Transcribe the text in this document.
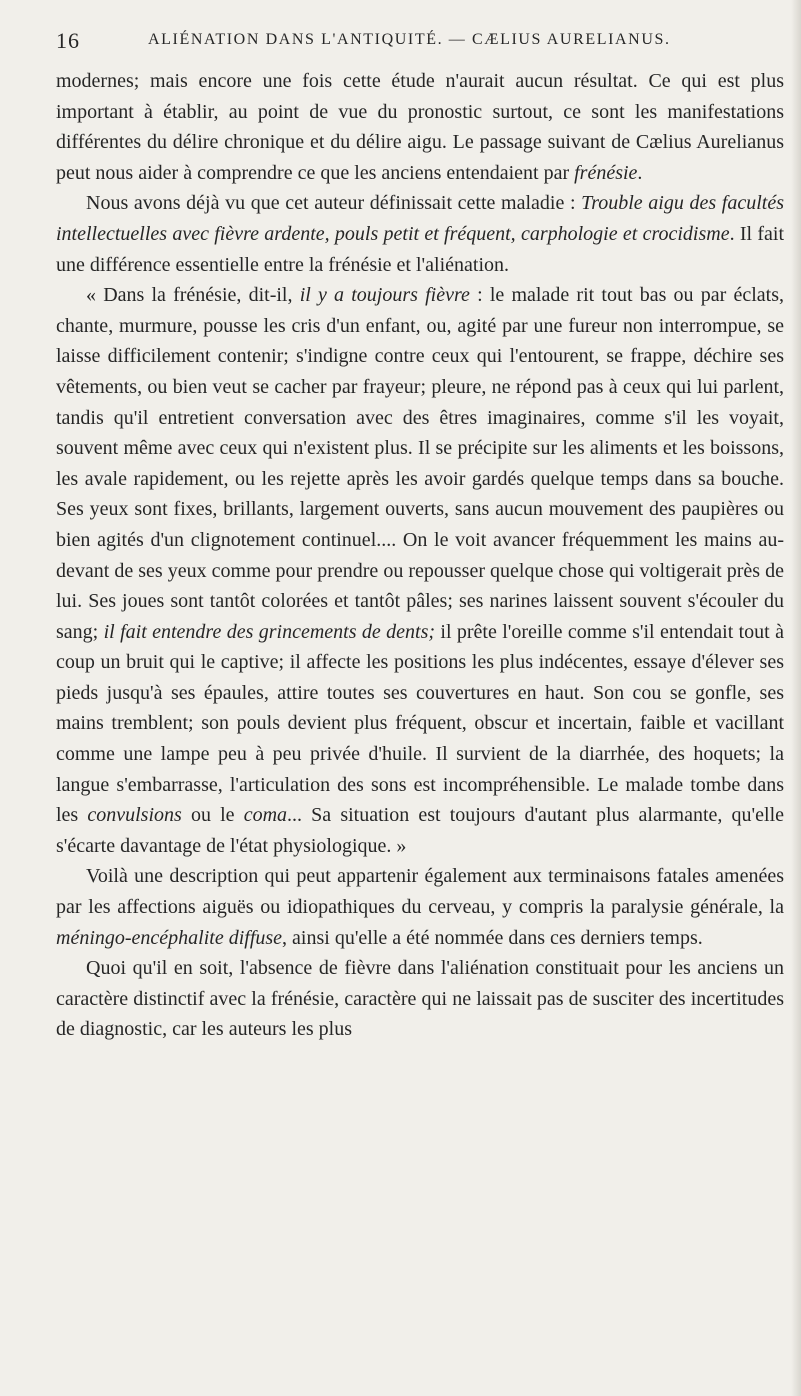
16	ALIÉNATION DANS L'ANTIQUITÉ. — CÆLIUS AURELIANUS.

modernes; mais encore une fois cette étude n'aurait aucun résultat. Ce qui est plus important à établir, au point de vue du pronostic surtout, ce sont les manifestations différentes du délire chronique et du délire aigu. Le passage suivant de Cælius Aurelianus peut nous aider à comprendre ce que les anciens entendaient par frénésie.

Nous avons déjà vu que cet auteur définissait cette maladie : Trouble aigu des facultés intellectuelles avec fièvre ardente, pouls petit et fréquent, carphologie et crocidisme. Il fait une différence essentielle entre la frénésie et l'aliénation.

« Dans la frénésie, dit-il, il y a toujours fièvre : le malade rit tout bas ou par éclats, chante, murmure, pousse les cris d'un enfant, ou, agité par une fureur non interrompue, se laisse difficilement contenir; s'indigne contre ceux qui l'entourent, se frappe, déchire ses vêtements, ou bien veut se cacher par frayeur; pleure, ne répond pas à ceux qui lui parlent, tandis qu'il entretient conversation avec des êtres imaginaires, comme s'il les voyait, souvent même avec ceux qui n'existent plus. Il se précipite sur les aliments et les boissons, les avale rapidement, ou les rejette après les avoir gardés quelque temps dans sa bouche. Ses yeux sont fixes, brillants, largement ouverts, sans aucun mouvement des paupières ou bien agités d'un clignotement continuel.... On le voit avancer fréquemment les mains au-devant de ses yeux comme pour prendre ou repousser quelque chose qui voltigerait près de lui. Ses joues sont tantôt colorées et tantôt pâles; ses narines laissent souvent s'écouler du sang; il fait entendre des grincements de dents; il prête l'oreille comme s'il entendait tout à coup un bruit qui le captive; il affecte les positions les plus indécentes, essaye d'élever ses pieds jusqu'à ses épaules, attire toutes ses couvertures en haut. Son cou se gonfle, ses mains tremblent; son pouls devient plus fréquent, obscur et incertain, faible et vacillant comme une lampe peu à peu privée d'huile. Il survient de la diarrhée, des hoquets; la langue s'embarrasse, l'articulation des sons est incompréhensible. Le malade tombe dans les convulsions ou le coma... Sa situation est toujours d'autant plus alarmante, qu'elle s'écarte davantage de l'état physiologique. »

Voilà une description qui peut appartenir également aux terminaisons fatales amenées par les affections aiguës ou idiopathiques du cerveau, y compris la paralysie générale, la méningo-encéphalite diffuse, ainsi qu'elle a été nommée dans ces derniers temps.

Quoi qu'il en soit, l'absence de fièvre dans l'aliénation constituait pour les anciens un caractère distinctif avec la frénésie, caractère qui ne laissait pas de susciter des incertitudes de diagnostic, car les auteurs les plus
